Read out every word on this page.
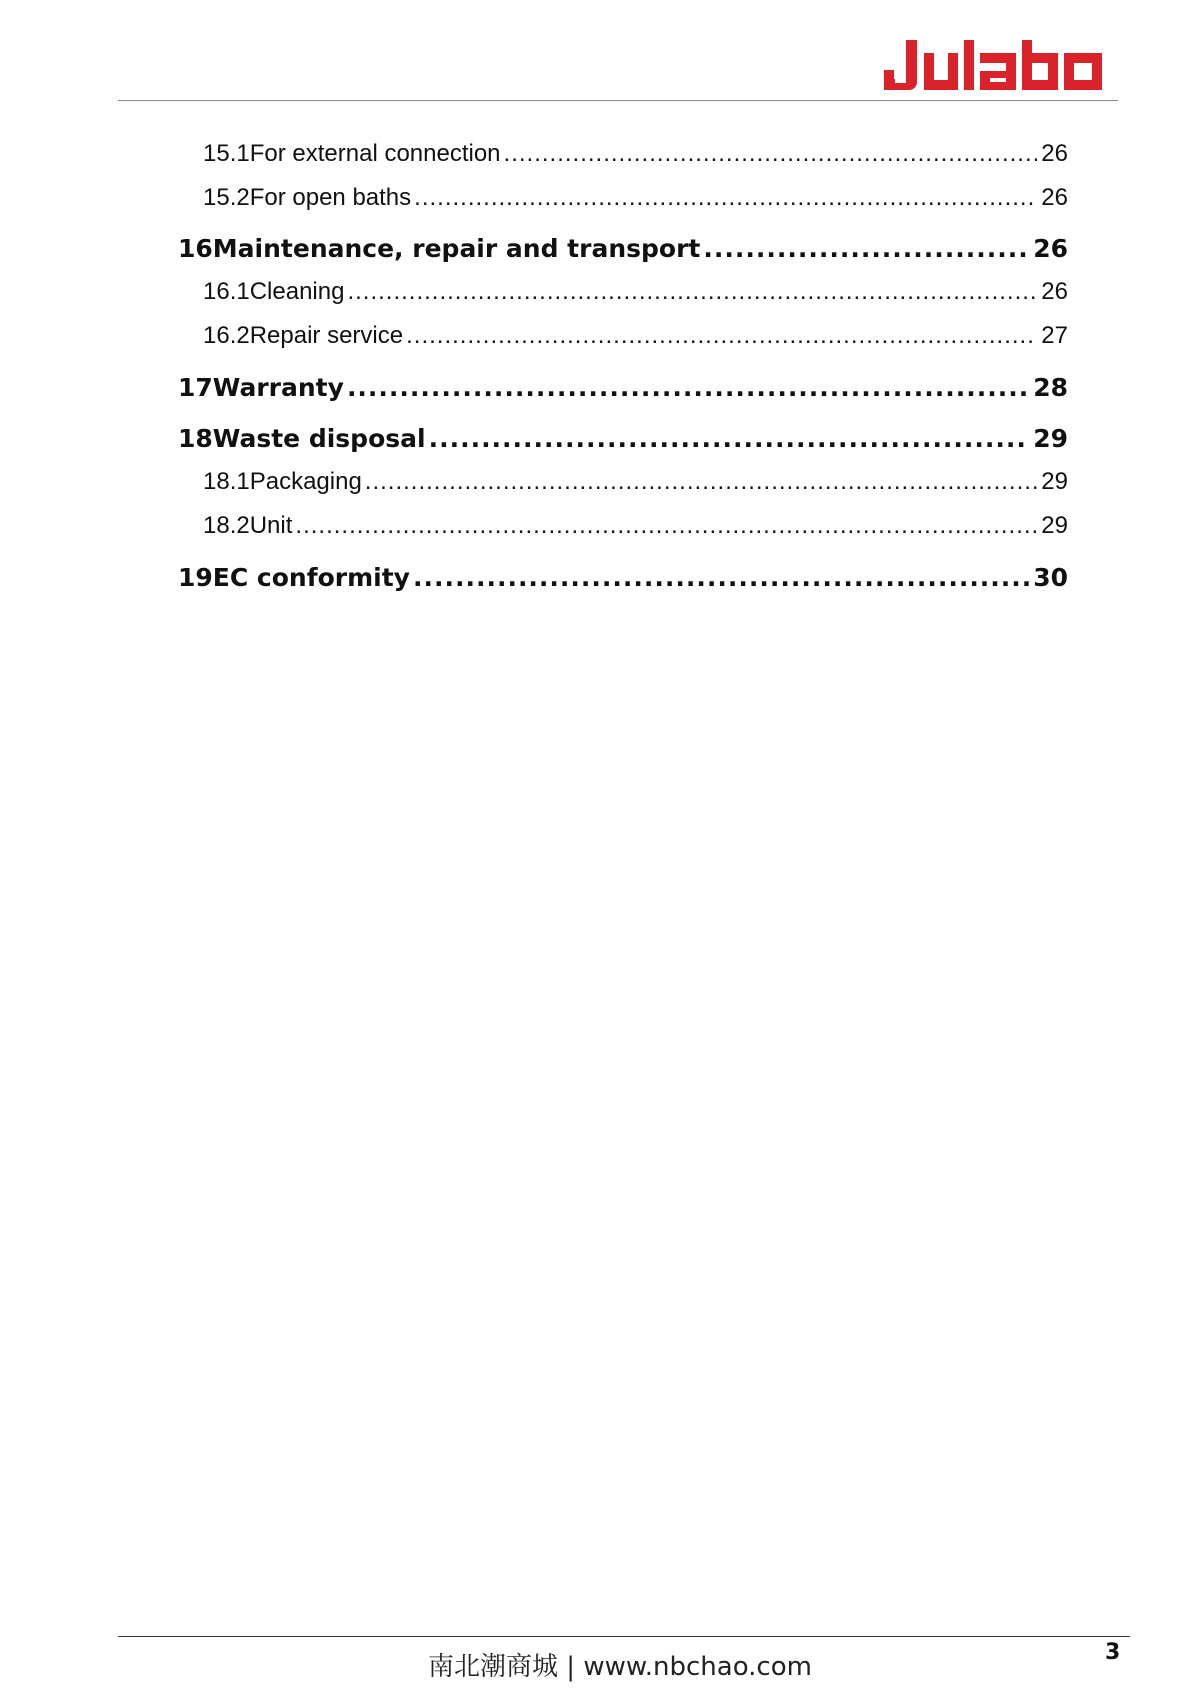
15.1 For external connection .....	26
15.2 For open baths .....	26
16 Maintenance, repair and transport .....	26
16.1 Cleaning .....	26
16.2 Repair service .....	27
17 Warranty .....	28
18 Waste disposal .....	29
18.1 Packaging .....	29
18.2 Unit .....	29
19 EC conformity .....	30
南北潮商城 | www.nbchao.com	3
